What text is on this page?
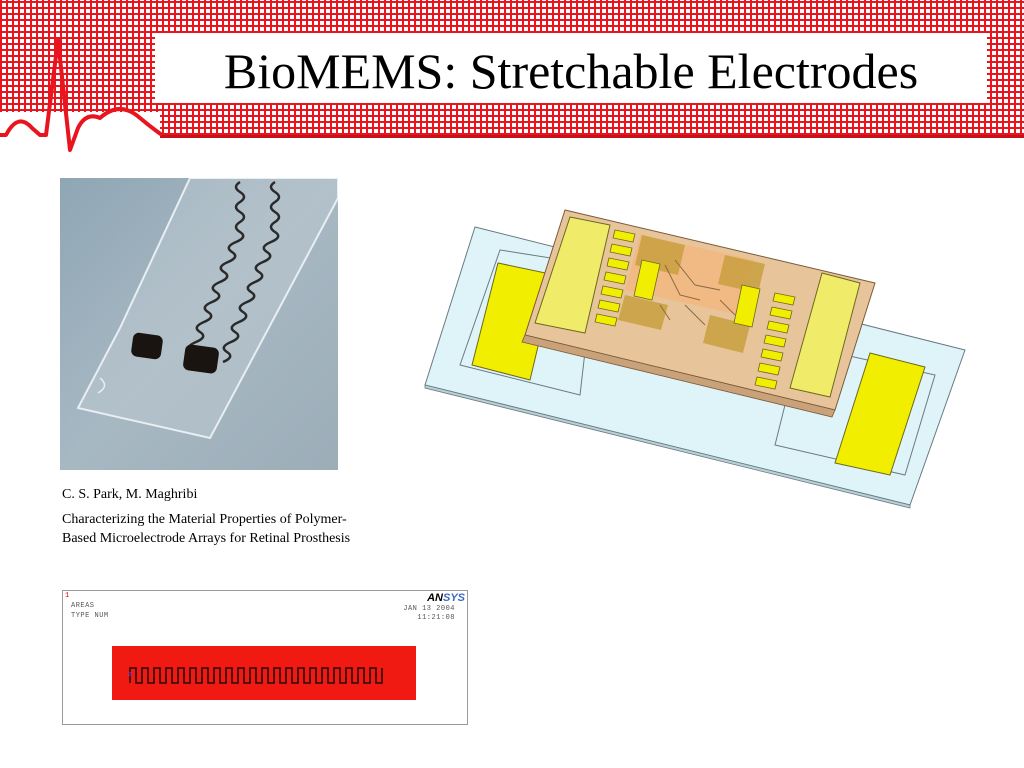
BioMEMS: Stretchable Electrodes
C. S. Park, M. Maghribi
Characterizing the Material Properties of Polymer-Based Microelectrode Arrays for Retinal Prosthesis
1
AREAS
TYPE NUM
ANSYS
JAN 13 2004
11:21:08
z
